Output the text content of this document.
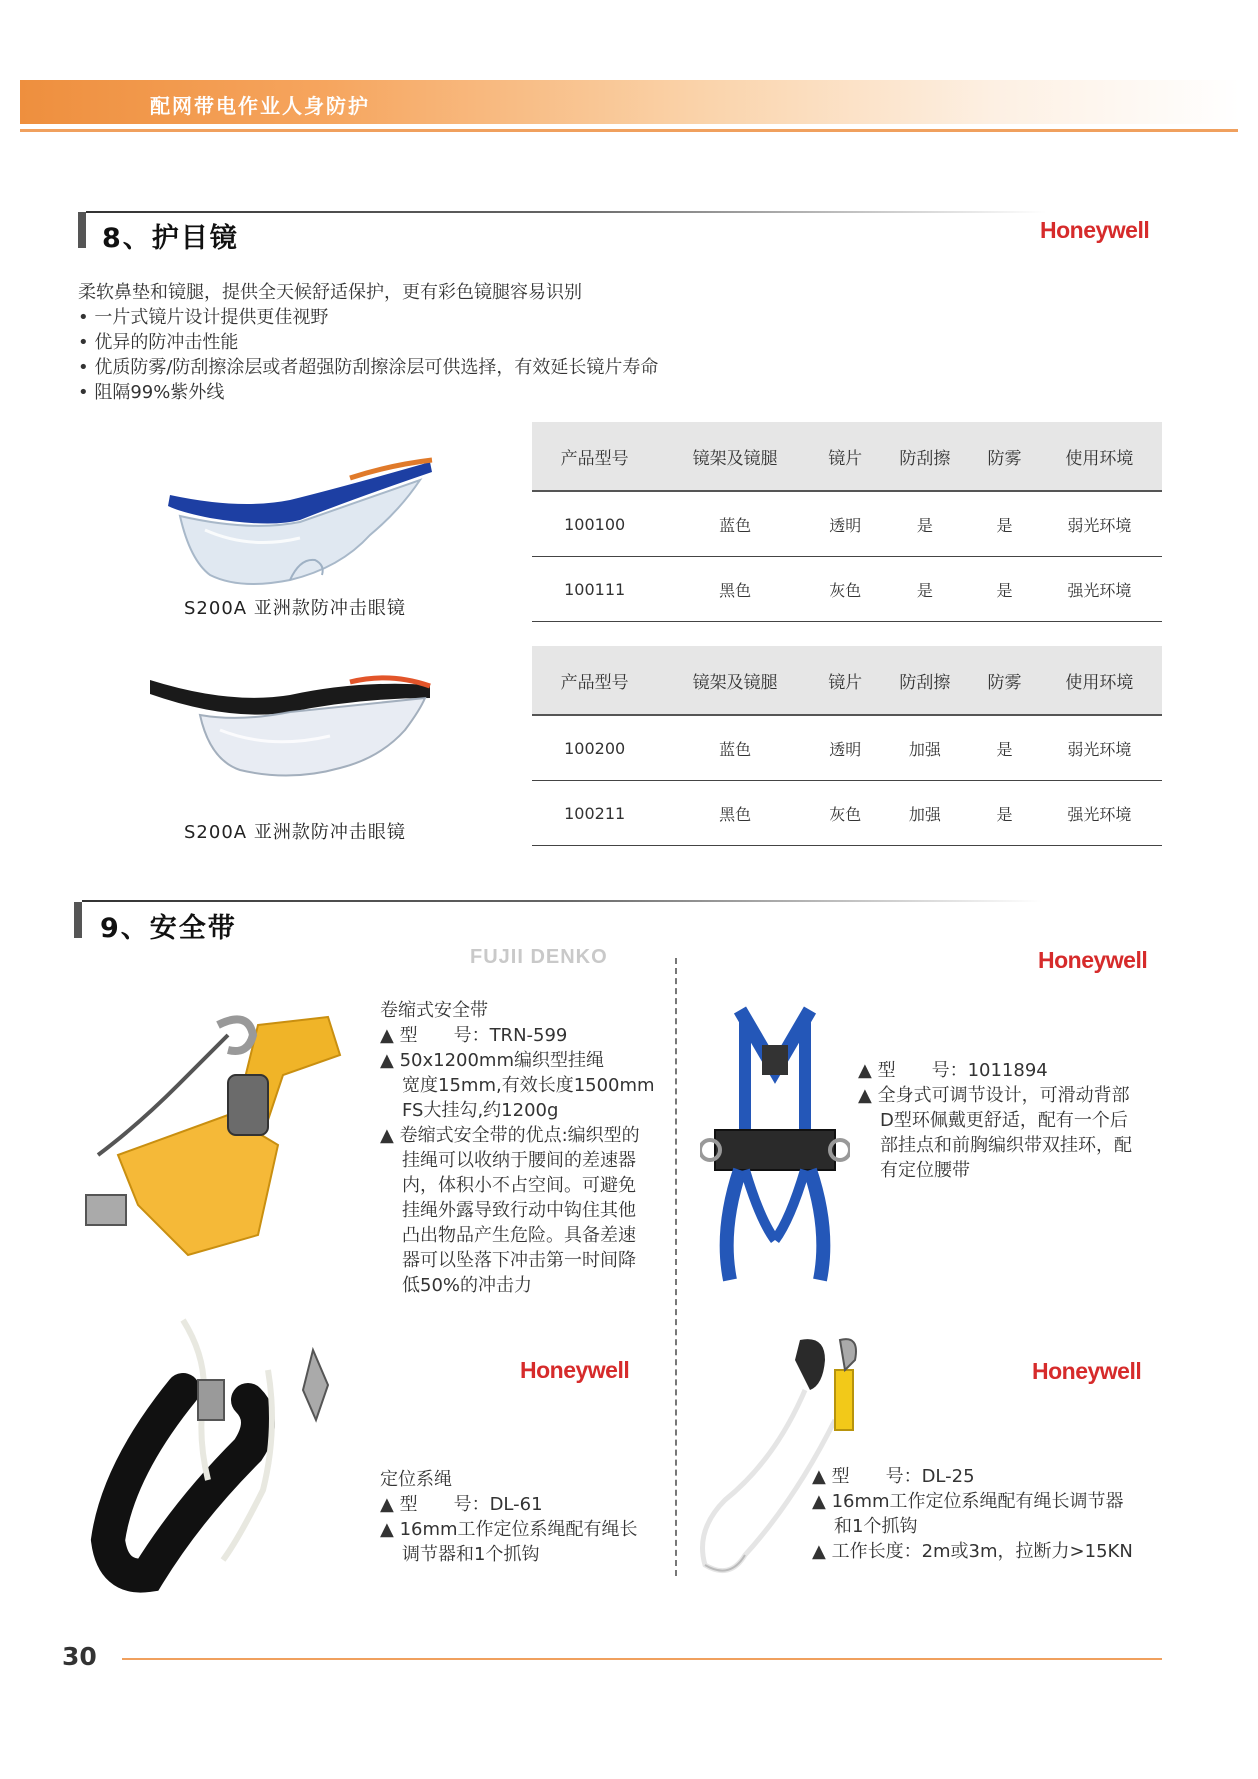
配网带电作业人身防护
8、护目镜	Honeywell
柔软鼻垫和镜腿，提供全天候舒适保护，更有彩色镜腿容易识别
• 一片式镜片设计提供更佳视野
• 优异的防冲击性能
• 优质防雾/防刮擦涂层或者超强防刮擦涂层可供选择，有效延长镜片寿命
• 阻隔99%紫外线
S200A 亚洲款防冲击眼镜
产品型号	镜架及镜腿	镜片	防刮擦	防雾	使用环境
100100	蓝色	透明	是	是	弱光环境
100111	黑色	灰色	是	是	强光环境
S200A 亚洲款防冲击眼镜
产品型号	镜架及镜腿	镜片	防刮擦	防雾	使用环境
100200	蓝色	透明	加强	是	弱光环境
100211	黑色	灰色	加强	是	强光环境
9、安全带
FUJII DENKO
卷缩式安全带
▲ 型　　号：TRN-599
▲ 50x1200mm编织型挂绳
宽度15mm,有效长度1500mm
FS大挂勾,约1200g
▲ 卷缩式安全带的优点:编织型的
挂绳可以收纳于腰间的差速器
内，体积小不占空间。可避免
挂绳外露导致行动中钩住其他
凸出物品产生危险。具备差速
器可以坠落下冲击第一时间降
低50%的冲击力
Honeywell
▲ 型　　号：1011894
▲ 全身式可调节设计，可滑动背部
D型环佩戴更舒适，配有一个后
部挂点和前胸编织带双挂环，配
有定位腰带
Honeywell
定位系绳
▲ 型　　号：DL-61
▲ 16mm工作定位系绳配有绳长
调节器和1个抓钩
Honeywell
▲ 型　　号：DL-25
▲ 16mm工作定位系绳配有绳长调节器
和1个抓钩
▲ 工作长度：2m或3m，拉断力>15KN
30
